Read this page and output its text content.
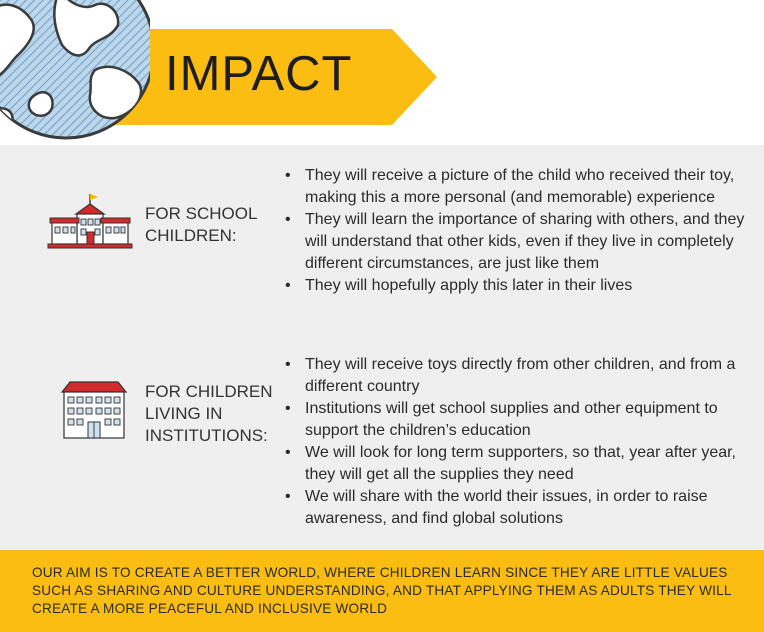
IMPACT
FOR SCHOOL
CHILDREN:
• They will receive a picture of the child who received their toy, making this a more personal (and memorable) experience
• They will learn the importance of sharing with others, and they will understand that other kids, even if they live in completely different circumstances, are just like them
• They will hopefully apply this later in their lives
FOR CHILDREN
LIVING IN
INSTITUTIONS:
• They will receive toys directly from other children, and from a different country
• Institutions will get school supplies and other equipment to support the children’s education
• We will look for long term supporters, so that, year after year, they will get all the supplies they need
• We will share with the world their issues, in order to raise awareness, and find global solutions
OUR AIM IS TO CREATE A BETTER WORLD, WHERE CHILDREN LEARN SINCE THEY ARE LITTLE VALUES SUCH AS SHARING AND CULTURE UNDERSTANDING, AND THAT APPLYING THEM AS ADULTS THEY WILL CREATE A MORE PEACEFUL AND INCLUSIVE WORLD
